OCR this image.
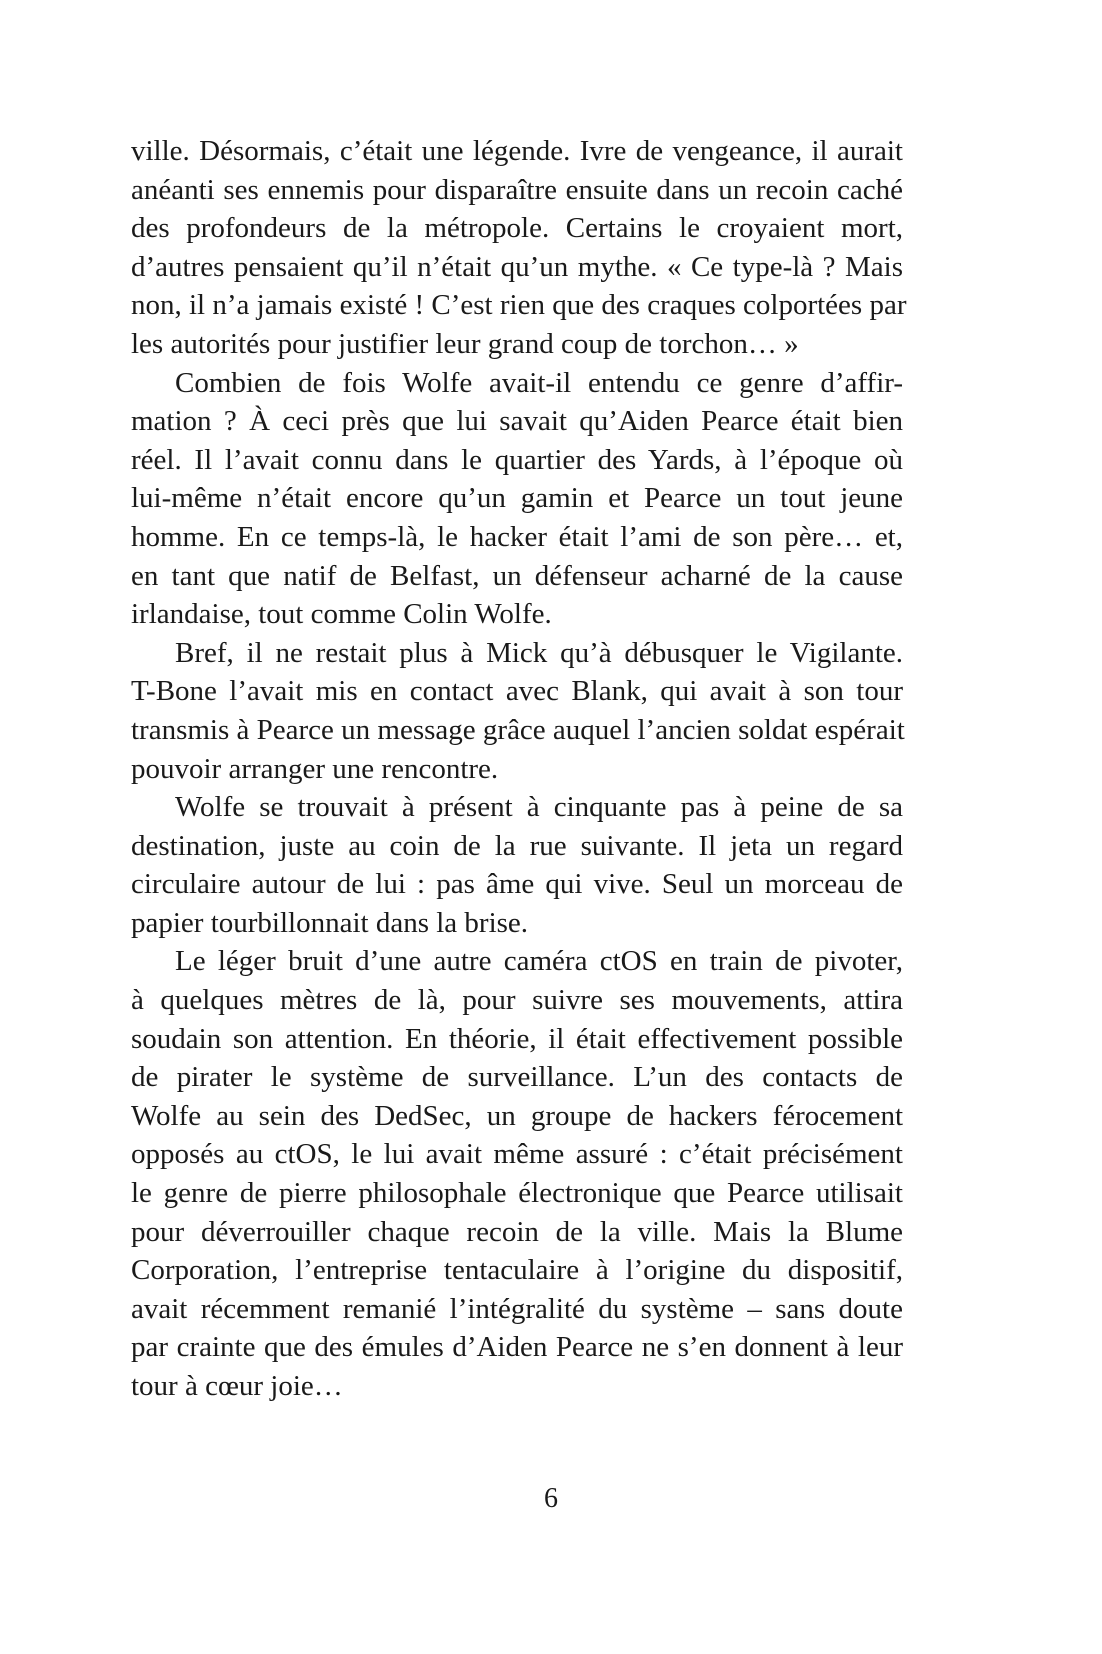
ville. Désormais, c’était une légende. Ivre de vengeance, il aurait
anéanti ses ennemis pour disparaître ensuite dans un recoin caché
des profondeurs de la métropole. Certains le croyaient mort,
d’autres pensaient qu’il n’était qu’un mythe. « Ce type-là ? Mais
non, il n’a jamais existé ! C’est rien que des craques colportées par
les autorités pour justifier leur grand coup de torchon… »
Combien de fois Wolfe avait-il entendu ce genre d’affir-
mation ? À ceci près que lui savait qu’Aiden Pearce était bien
réel. Il l’avait connu dans le quartier des Yards, à l’époque où
lui-même n’était encore qu’un gamin et Pearce un tout jeune
homme. En ce temps-là, le hacker était l’ami de son père… et,
en tant que natif de Belfast, un défenseur acharné de la cause
irlandaise, tout comme Colin Wolfe.
Bref, il ne restait plus à Mick qu’à débusquer le Vigilante.
T-Bone l’avait mis en contact avec Blank, qui avait à son tour
transmis à Pearce un message grâce auquel l’ancien soldat espérait
pouvoir arranger une rencontre.
Wolfe se trouvait à présent à cinquante pas à peine de sa
destination, juste au coin de la rue suivante. Il jeta un regard
circulaire autour de lui : pas âme qui vive. Seul un morceau de
papier tourbillonnait dans la brise.
Le léger bruit d’une autre caméra ctOS en train de pivoter,
à quelques mètres de là, pour suivre ses mouvements, attira
soudain son attention. En théorie, il était effectivement possible
de pirater le système de surveillance. L’un des contacts de
Wolfe au sein des DedSec, un groupe de hackers férocement
opposés au ctOS, le lui avait même assuré : c’était précisément
le genre de pierre philosophale électronique que Pearce utilisait
pour déverrouiller chaque recoin de la ville. Mais la Blume
Corporation, l’entreprise tentaculaire à l’origine du dispositif,
avait récemment remanié l’intégralité du système – sans doute
par crainte que des émules d’Aiden Pearce ne s’en donnent à leur
tour à cœur joie…
6
